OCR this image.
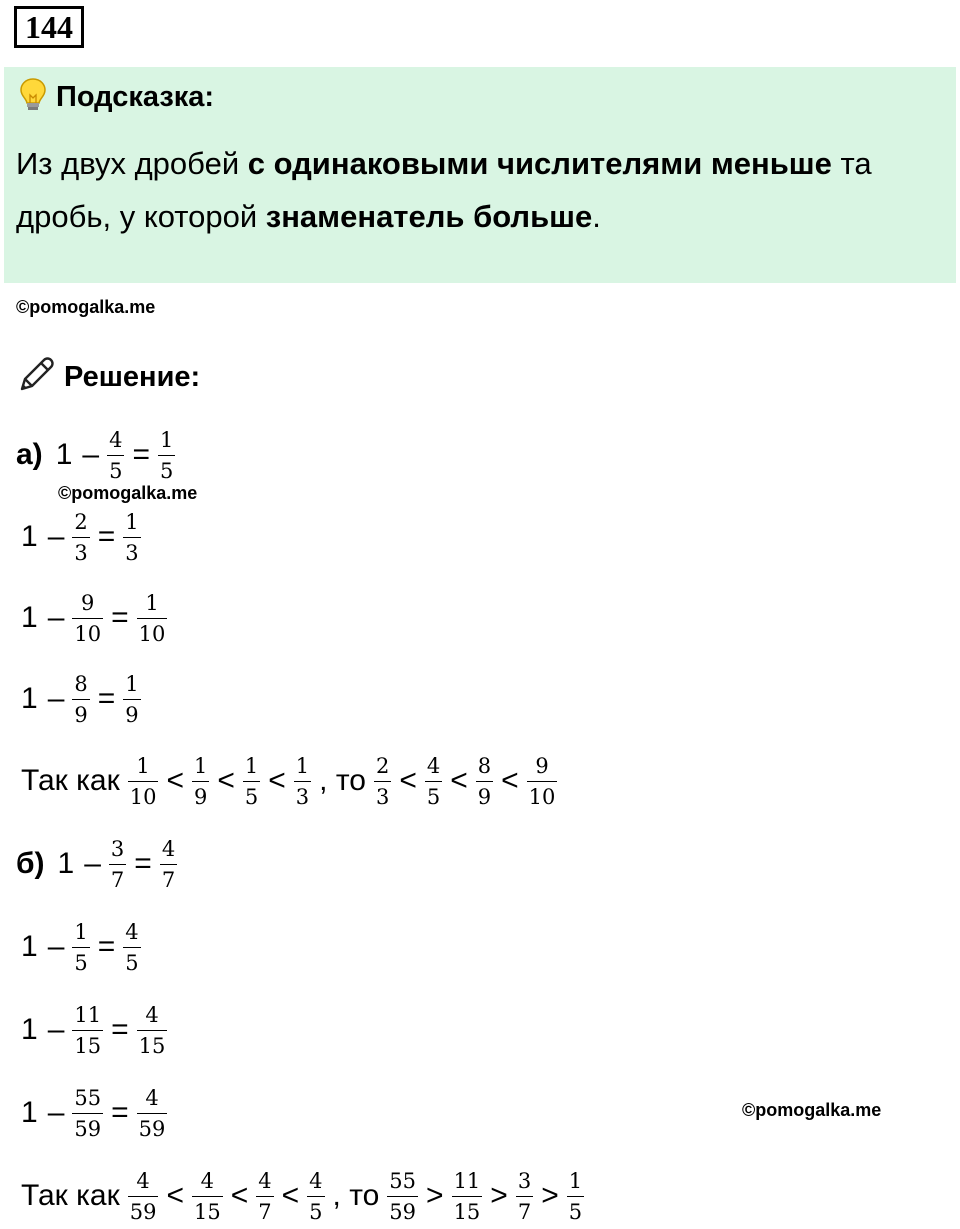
144
Подсказка:
Из двух дробей с одинаковыми числителями меньше та дробь, у которой знаменатель больше.
©pomogalka.me
Решение:
а) $1 - \frac{4}{5} = \frac{1}{5}$
©pomogalka.me
$1 - \frac{2}{3} = \frac{1}{3}$
$1 - \frac{9}{10} = \frac{1}{10}$
$1 - \frac{8}{9} = \frac{1}{9}$
Так как $\frac{1}{10} < \frac{1}{9} < \frac{1}{5} < \frac{1}{3}$ , то $\frac{2}{3} < \frac{4}{5} < \frac{8}{9} < \frac{9}{10}$
б) $1 - \frac{3}{7} = \frac{4}{7}$
$1 - \frac{1}{5} = \frac{4}{5}$
$1 - \frac{11}{15} = \frac{4}{15}$
$1 - \frac{55}{59} = \frac{4}{59}$	©pomogalka.me
Так как $\frac{4}{59} < \frac{4}{15} < \frac{4}{7} < \frac{4}{5}$ , то $\frac{55}{59} > \frac{11}{15} > \frac{3}{7} > \frac{1}{5}$
